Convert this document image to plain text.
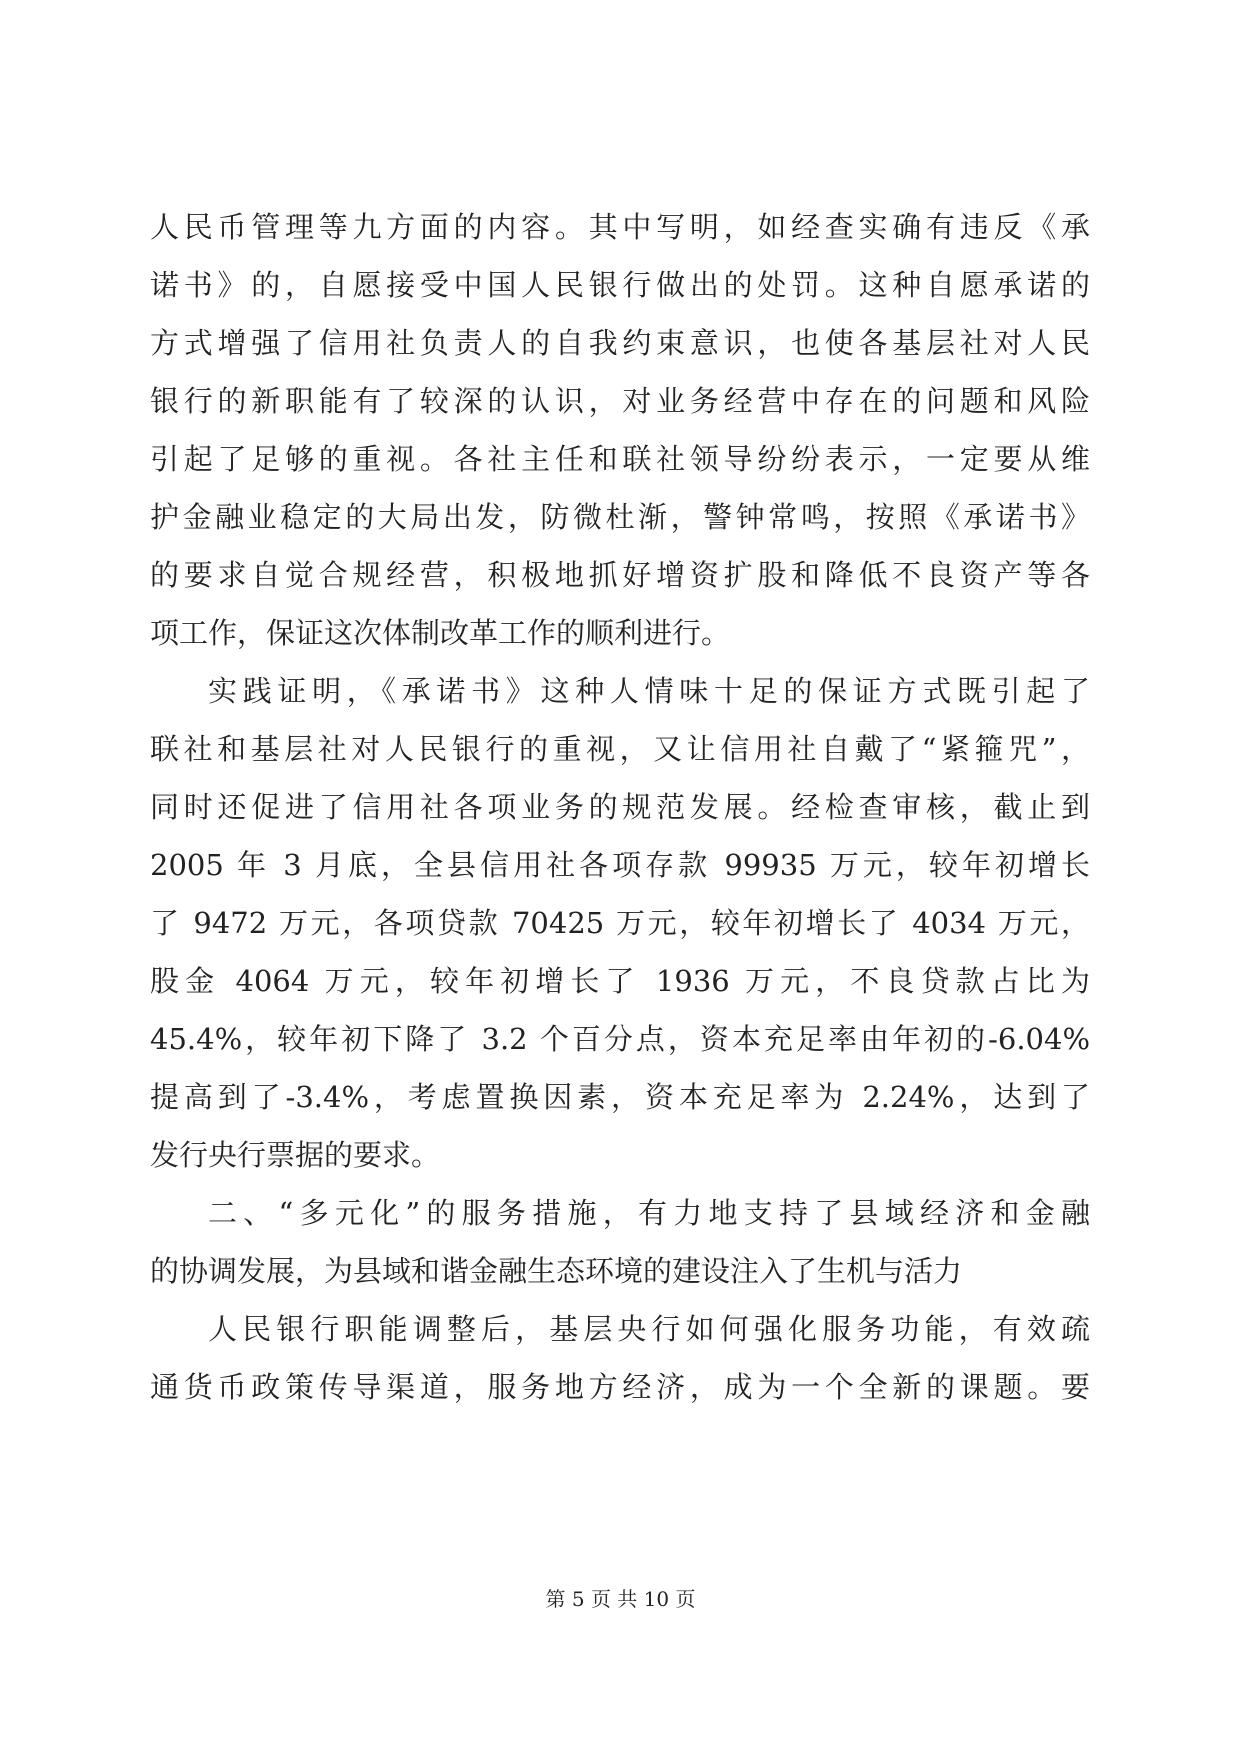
人民币管理等九方面的内容。其中写明，如经查实确有违反《承
诺书》的，自愿接受中国人民银行做出的处罚。这种自愿承诺的
方式增强了信用社负责人的自我约束意识，也使各基层社对人民
银行的新职能有了较深的认识，对业务经营中存在的问题和风险
引起了足够的重视。各社主任和联社领导纷纷表示，一定要从维
护金融业稳定的大局出发，防微杜渐，警钟常鸣，按照《承诺书》
的要求自觉合规经营，积极地抓好增资扩股和降低不良资产等各
项工作，保证这次体制改革工作的顺利进行。
实践证明，《承诺书》这种人情味十足的保证方式既引起了
联社和基层社对人民银行的重视，又让信用社自戴了“紧箍咒”，
同时还促进了信用社各项业务的规范发展。经检查审核，截止到
2005 年 3 月底，全县信用社各项存款 99935 万元，较年初增长
了 9472 万元，各项贷款 70425 万元，较年初增长了 4034 万元，
股金 4064 万元，较年初增长了 1936 万元，不良贷款占比为
45.4%，较年初下降了 3.2 个百分点，资本充足率由年初的-6.04%
提高到了-3.4%，考虑置换因素，资本充足率为 2.24%，达到了
发行央行票据的要求。
二、“多元化”的服务措施，有力地支持了县域经济和金融
的协调发展，为县域和谐金融生态环境的建设注入了生机与活力
人民银行职能调整后，基层央行如何强化服务功能，有效疏
通货币政策传导渠道，服务地方经济，成为一个全新的课题。要
第 5 页 共 10 页
